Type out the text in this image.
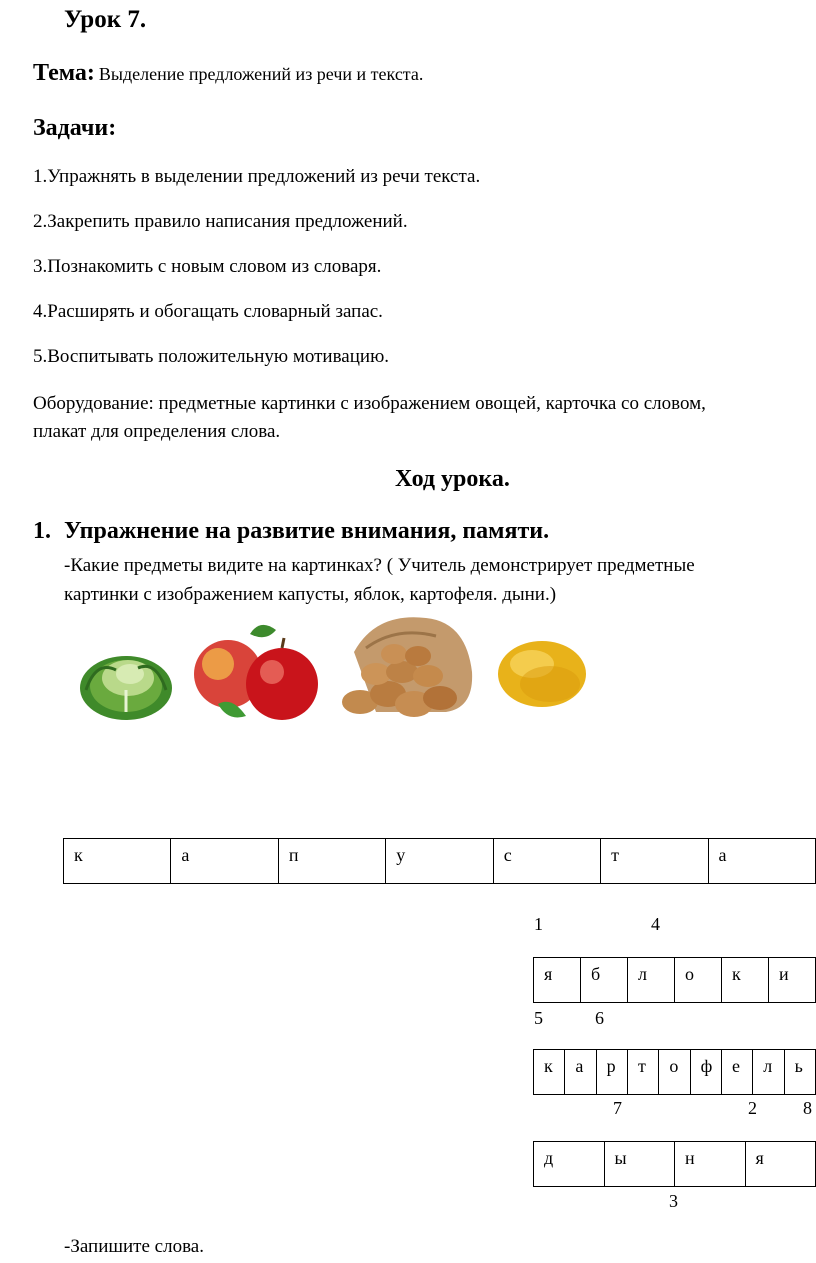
Урок 7.
Тема: Выделение предложений из речи и текста.
Задачи:
1.Упражнять в выделении предложений из речи текста.
2.Закрепить правило написания предложений.
3.Познакомить с новым словом из словаря.
4.Расширять и обогащать словарный запас.
5.Воспитывать положительную мотивацию.
Оборудование: предметные картинки с изображением овощей, карточка со словом,
плакат для определения слова.
Ход урока.
1. Упражнение на развитие внимания, памяти.
-Какие предметы видите на картинках? ( Учитель демонстрирует предметные
картинки с изображением капусты, яблок, картофеля. дыни.)
к	а	п	у	с	т	а
1	4
я	б	л	о	к	и
5	6
к	а	р	т	о	ф	е	л	ь
7	2	8
д	ы	н	я
3
-Запишите слова.
